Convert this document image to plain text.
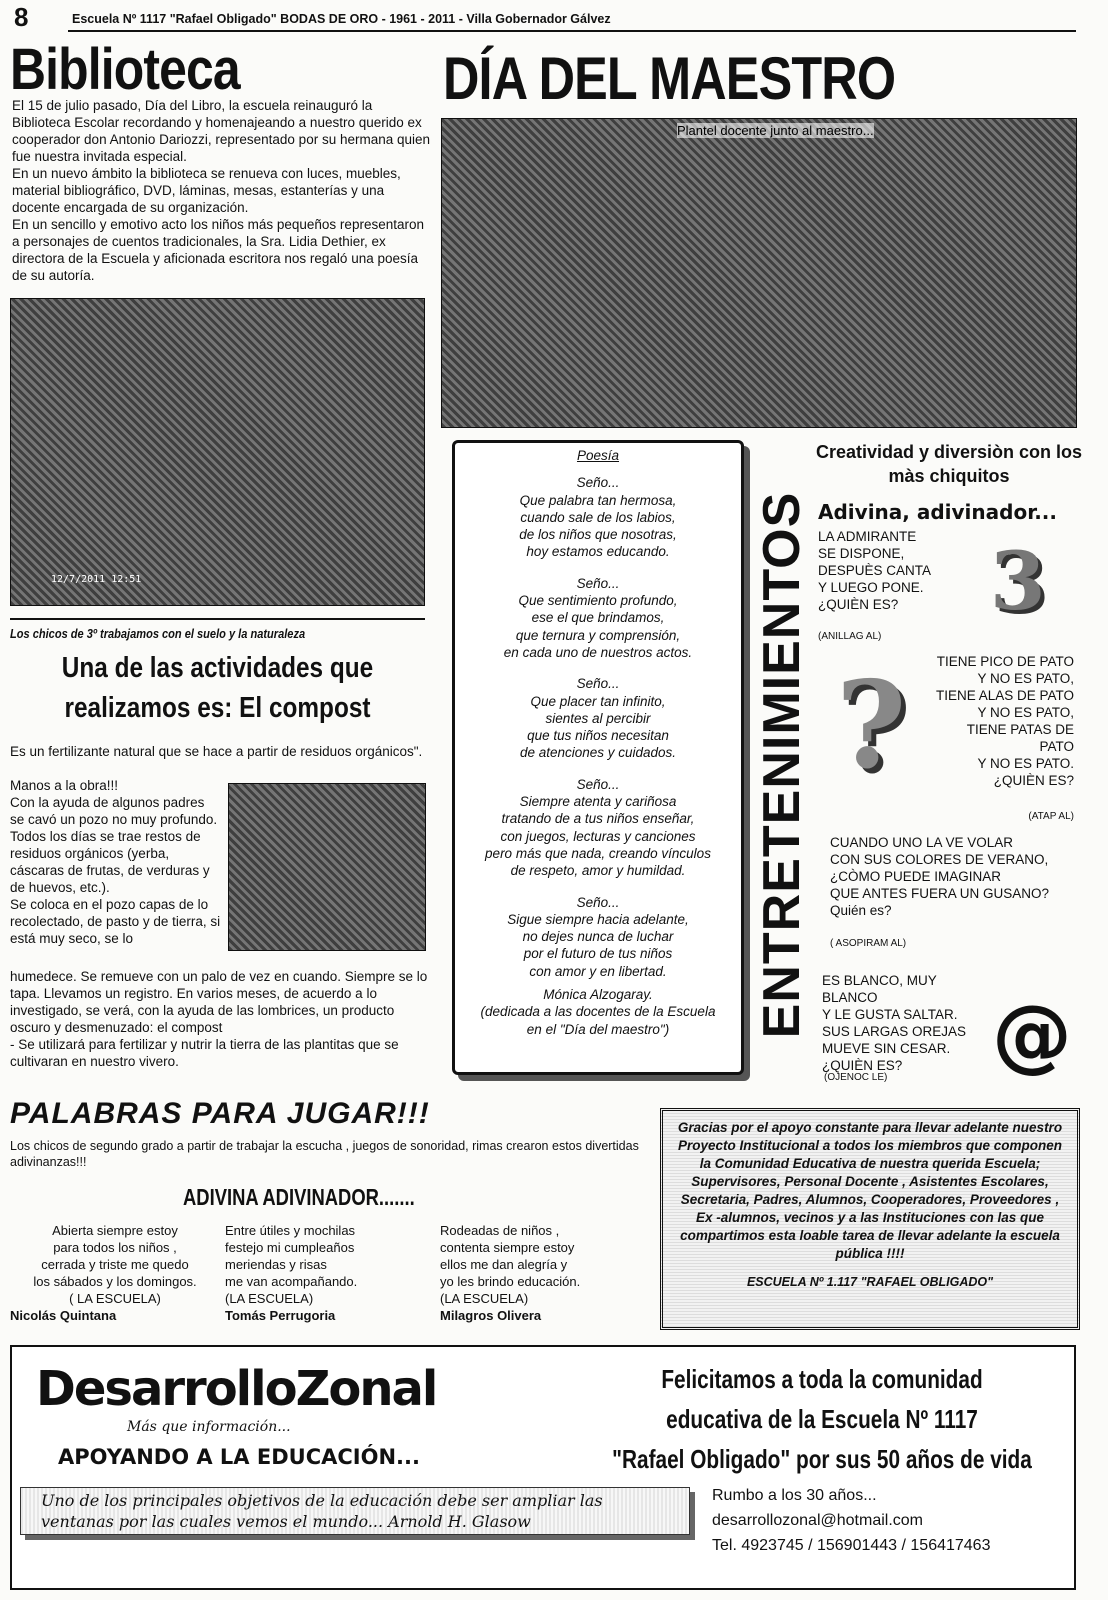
8	Escuela Nº 1117 "Rafael Obligado" BODAS DE ORO - 1961 - 2011 - Villa Gobernador Gálvez
Biblioteca
El 15 de julio pasado, Día del Libro, la escuela reinauguró la Biblioteca Escolar recordando y homenajeando a nuestro querido ex cooperador don Antonio Dariozzi, representado por su hermana quien fue nuestra invitada especial.
En un nuevo ámbito la biblioteca se renueva con luces, muebles, material bibliográfico, DVD, láminas, mesas, estanterías y una docente encargada de su organización.
En un sencillo y emotivo acto los niños más pequeños representaron a personajes de cuentos tradicionales, la Sra. Lidia Dethier, ex directora de la Escuela y aficionada escritora nos regaló una poesía de su autoría.
12/7/2011 12:51
Los chicos de 3º trabajamos con el suelo y la naturaleza
Una de las actividades que
realizamos es: El compost
Es un fertilizante natural que se hace a partir de residuos orgánicos".
Manos a la obra!!!
Con la ayuda de algunos padres se cavó un pozo no muy profundo.
Todos los días se trae restos de residuos orgánicos (yerba, cáscaras de frutas, de verduras y de huevos, etc.).
Se coloca en el pozo capas de lo recolectado, de pasto y de tierra, si está muy seco, se lo
humedece. Se remueve con un palo de vez en cuando. Siempre se lo tapa. Llevamos un registro. En varios meses, de acuerdo a lo investigado, se verá, con la ayuda de las lombrices, un producto oscuro y desmenuzado: el compost
- Se utilizará para fertilizar y nutrir la tierra de las plantitas que se cultivaran en nuestro vivero.
DÍA DEL MAESTRO
Plantel docente junto al maestro...
Poesía
Seño...
Que palabra tan hermosa,
cuando sale de los labios,
de los niños que nosotras,
hoy estamos educando.
Seño...
Que sentimiento profundo,
ese el que brindamos,
que ternura y comprensión,
en cada uno de nuestros actos.
Seño...
Que placer tan infinito,
sientes al percibir
que tus niños necesitan
de atenciones y cuidados.
Seño...
Siempre atenta y cariñosa
tratando de a tus niños enseñar,
con juegos, lecturas y canciones
pero más que nada, creando vínculos
de respeto, amor y humildad.
Seño...
Sigue siempre hacia adelante,
no dejes nunca de luchar
por el futuro de tus niños
con amor y en libertad.
Mónica Alzogaray.
(dedicada a las docentes de la Escuela
en el "Día del maestro")	ENTRETENIMIENTOS
Creatividad y diversiòn con los màs chiquitos
Adivina, adivinador...
LA ADMIRANTE
SE DISPONE,
DESPUÈS CANTA
Y LUEGO PONE.
¿QUIÈN ES?
(ANILLAG AL)
3
? TIENE PICO DE PATO
Y NO ES PATO,
TIENE ALAS DE PATO
Y NO ES PATO,
TIENE PATAS DE
PATO
Y NO ES PATO.
¿QUIÈN ES?
(ATAP AL)
CUANDO UNO LA VE VOLAR
CON SUS COLORES DE VERANO,
¿CÒMO PUEDE IMAGINAR
QUE ANTES FUERA UN GUSANO?
Quién es?
( ASOPIRAM AL)
ES BLANCO, MUY BLANCO
Y LE GUSTA SALTAR.
SUS LARGAS OREJAS
MUEVE SIN CESAR.
¿QUIÈN ES?
(OJENOC LE) @
PALABRAS PARA JUGAR!!!
Los chicos de segundo grado a partir de trabajar la escucha , juegos de sonoridad, rimas crearon estos divertidas adivinanzas!!!
ADIVINA ADIVINADOR.......
Abierta siempre estoy
para todos los niños ,
cerrada y triste me quedo
los sábados y los domingos.
( LA ESCUELA)
Nicolás Quintana
Entre útiles y mochilas
festejo mi cumpleaños
meriendas y risas
me van acompañando.
(LA ESCUELA)
Tomás Perrugoria
Rodeadas de niños ,
contenta siempre estoy
ellos me dan alegría y
yo les brindo educación.
(LA ESCUELA)
Milagros Olivera
Gracias por el apoyo constante para llevar adelante nuestro Proyecto Institucional a todos los miembros que componen la Comunidad Educativa de nuestra querida Escuela; Supervisores, Personal Docente , Asistentes Escolares, Secretaria, Padres, Alumnos, Cooperadores, Proveedores , Ex -alumnos, vecinos y a las Instituciones con las que compartimos esta loable tarea de llevar adelante la escuela pública !!!!
ESCUELA Nº 1.117 "RAFAEL OBLIGADO"
DesarrolloZonal
Más que información...
APOYANDO A LA EDUCACIÓN...
Uno de los principales objetivos de la educación debe ser ampliar las ventanas por las cuales vemos el mundo... Arnold H. Glasow
Felicitamos a toda la comunidad
educativa de la Escuela Nº 1117
"Rafael Obligado" por sus 50 años de vida
Rumbo a los 30 años...
desarrollozonal@hotmail.com
Tel. 4923745 / 156901443 / 156417463
